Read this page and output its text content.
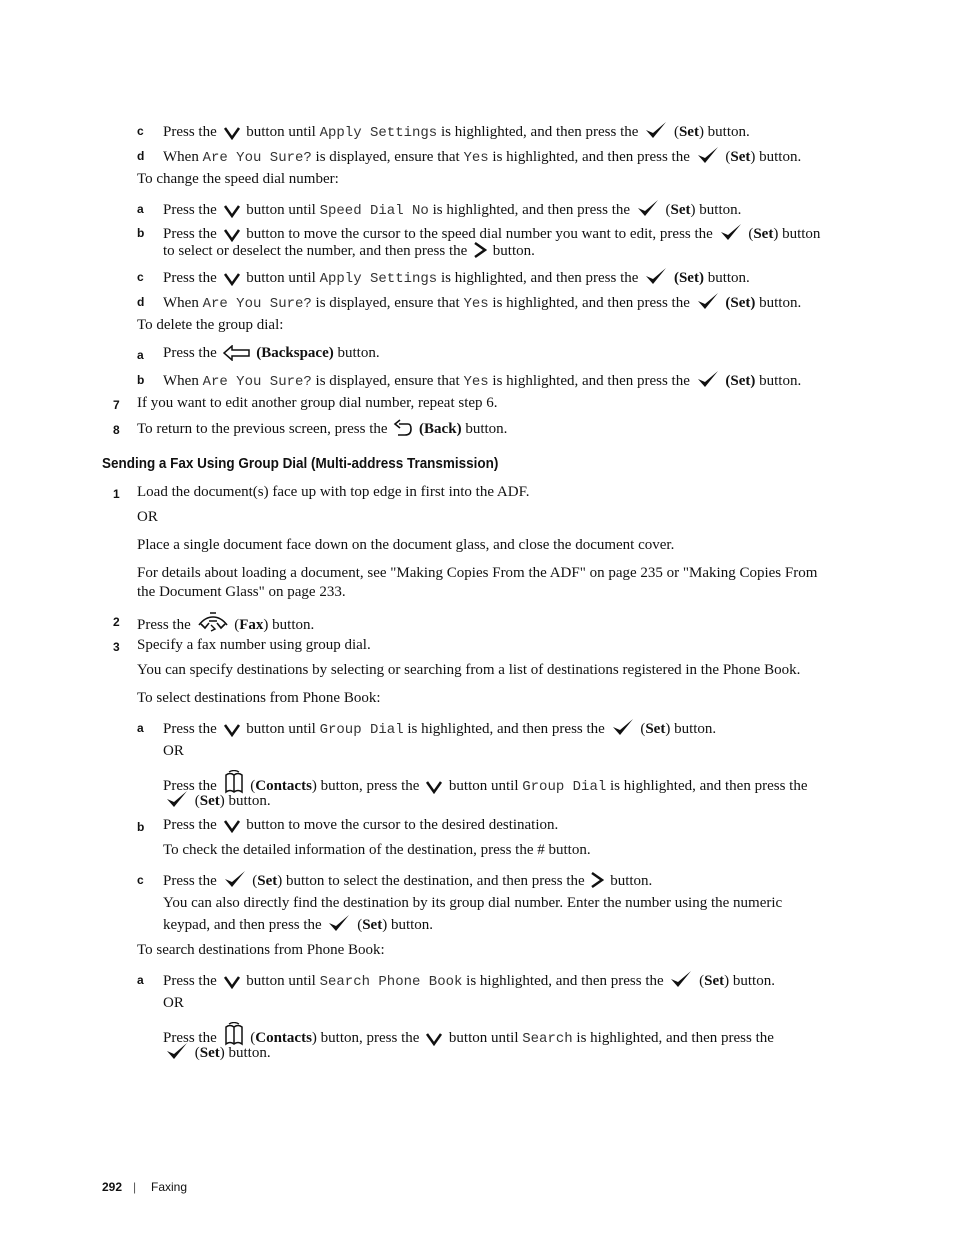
c Press the button until Apply Settings is highlighted, and then press the  (Set) button.
d When Are You Sure? is displayed, ensure that Yes is highlighted, and then press the  (Set) button.
To change the speed dial number:
a Press the button until Speed Dial No is highlighted, and then press the  (Set) button.
b Press the button to move the cursor to the speed dial number you want to edit, press the  (Set) button
to select or deselect the number, and then press the button.
c Press the button until Apply Settings is highlighted, and then press the (Set) button.
d When Are You Sure? is displayed, ensure that Yes is highlighted, and then press the (Set) button.
To delete the group dial:
a Press the	(Backspace) button.
b When Are You Sure? is displayed, ensure that Yes is highlighted, and then press the (Set) button.
7 If you want to edit another group dial number, repeat step 6.
8 To return to the previous screen, press the (Back) button.
Sending a Fax Using Group Dial (Multi-address Transmission)
1 Load the document(s) face up with top edge in first into the ADF.
OR
Place a single document face down on the document glass, and close the document cover.
For details about loading a document, see "Making Copies From the ADF" on page 235 or "Making Copies From
the Document Glass" on page 233.
2 Press the	(Fax) button.
3 Specify a fax number using group dial.
You can specify destinations by selecting or searching from a list of destinations registered in the Phone Book.
To select destinations from Phone Book:
a Press the button until Group Dial is highlighted, and then press the  (Set) button.
OR
Press the  (Contacts) button, press the button until Group Dial is highlighted, and then press the
(Set) button.
b Press the button to move the cursor to the desired destination.
To check the detailed information of the destination, press the # button.
c Press the  (Set) button to select the destination, and then press the button.
You can also directly find the destination by its group dial number. Enter the number using the numeric
keypad, and then press the  (Set) button.
To search destinations from Phone Book:
a Press the button until Search Phone Book is highlighted, and then press the  (Set) button.
OR
Press the  (Contacts) button, press the button until Search is highlighted, and then press the
(Set) button.
292 | Faxing
